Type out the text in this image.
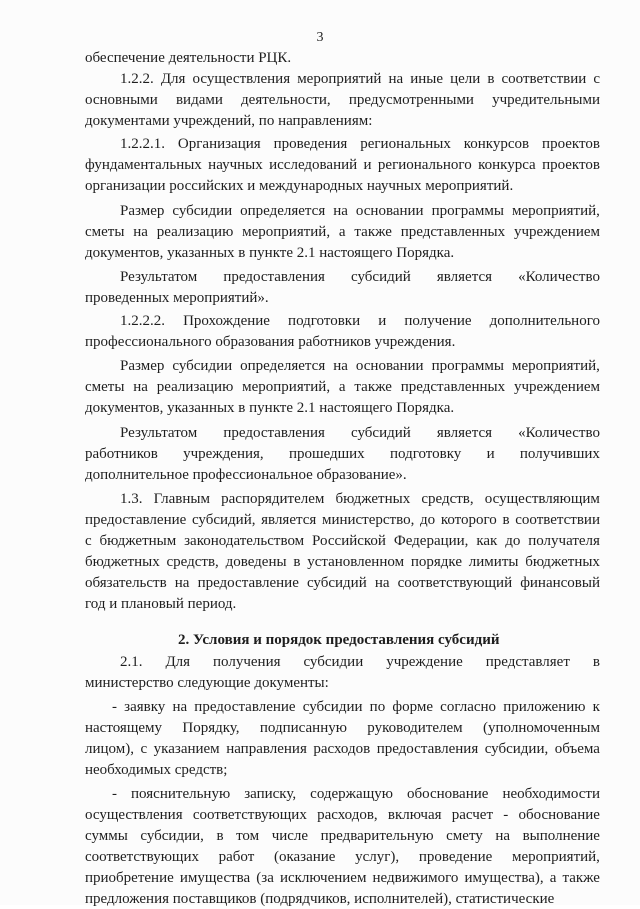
3
обеспечение деятельности РЦК.
1.2.2. Для осуществления мероприятий на иные цели в соответствии с
основными видами деятельности, предусмотренными учредительными
документами учреждений, по направлениям:
1.2.2.1. Организация проведения региональных конкурсов проектов
фундаментальных научных исследований и регионального конкурса проектов
организации российских и международных научных мероприятий.
Размер субсидии определяется на основании программы мероприятий,
сметы на реализацию мероприятий, а также представленных учреждением
документов, указанных в пункте 2.1 настоящего Порядка.
Результатом предоставления субсидий является «Количество
проведенных мероприятий».
1.2.2.2. Прохождение подготовки и получение дополнительного
профессионального образования работников учреждения.
Размер субсидии определяется на основании программы мероприятий,
сметы на реализацию мероприятий, а также представленных учреждением
документов, указанных в пункте 2.1 настоящего Порядка.
Результатом предоставления субсидий является «Количество
работников учреждения, прошедших подготовку и получивших
дополнительное профессиональное образование».
1.3. Главным распорядителем бюджетных средств, осуществляющим
предоставление субсидий, является министерство, до которого в соответствии
с бюджетным законодательством Российской Федерации, как до получателя
бюджетных средств, доведены в установленном порядке лимиты бюджетных
обязательств на предоставление субсидий на соответствующий финансовый
год и плановый период.
2. Условия и порядок предоставления субсидий
2.1. Для получения субсидии учреждение представляет в
министерство следующие документы:
- заявку на предоставление субсидии по форме согласно приложению к
настоящему Порядку, подписанную руководителем (уполномоченным
лицом), с указанием направления расходов предоставления субсидии, объема
необходимых средств;
- пояснительную записку, содержащую обоснование необходимости
осуществления соответствующих расходов, включая расчет - обоснование
суммы субсидии, в том числе предварительную смету на выполнение
соответствующих работ (оказание услуг), проведение мероприятий,
приобретение имущества (за исключением недвижимого имущества), а также
предложения поставщиков (подрядчиков, исполнителей), статистические
